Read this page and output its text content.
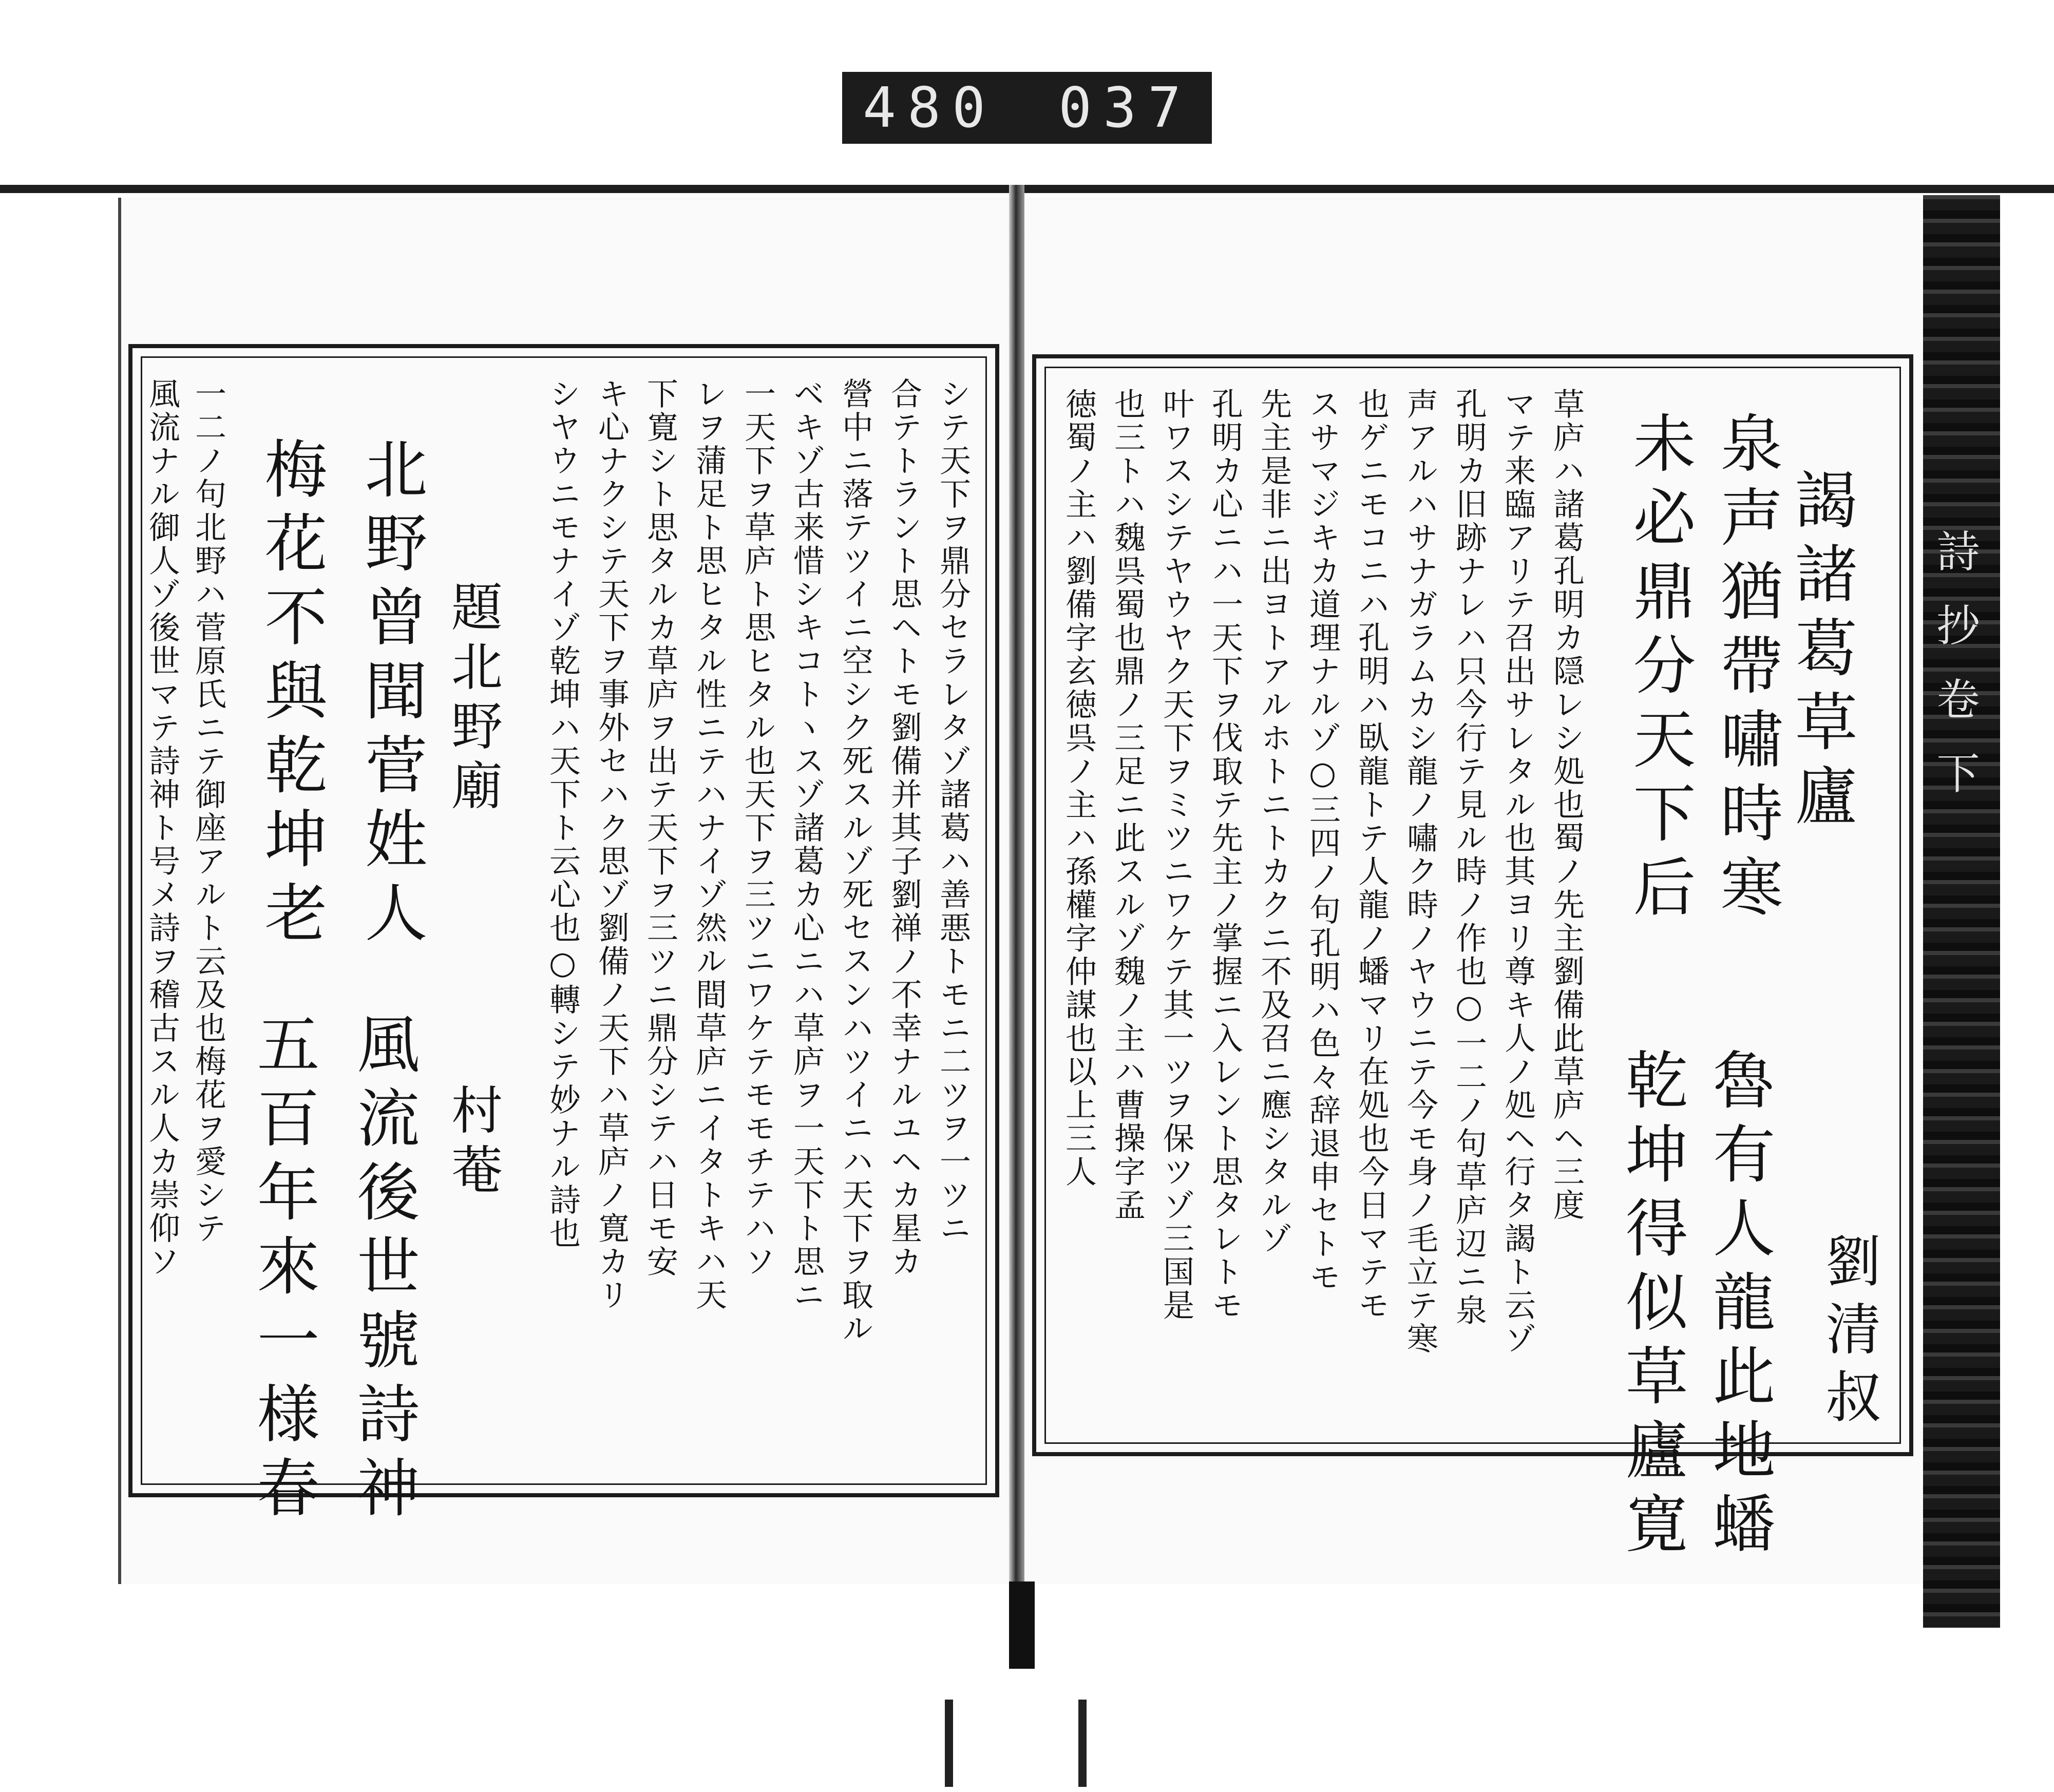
480 037
詩抄卷下
謁諸葛草廬
劉清叔
泉声猶帶嘯時寒
魯有人龍此地蟠
未必鼎分天下后
乾坤得似草廬寛
草庐ハ諸葛孔明カ隠レシ処也蜀ノ先主劉備此草庐ヘ三度
マテ来臨アリテ召出サレタル也其ヨリ尊キ人ノ処ヘ行タ謁ト云ゾ
孔明カ旧跡ナレハ只今行テ見ル時ノ作也○一二ノ句草庐辺ニ泉
声アルハサナガラムカシ龍ノ嘯ク時ノヤウニテ今モ身ノ毛立テ寒
也ゲニモコニハ孔明ハ臥龍トテ人龍ノ蟠マリ在処也今日マテモ
スサマジキカ道理ナルゾ○三四ノ句孔明ハ色々辞退申セトモ
先主是非ニ出ヨトアルホトニトカクニ不及召ニ應シタルゾ
孔明カ心ニハ一天下ヲ伐取テ先主ノ掌握ニ入レント思タレトモ
叶ワスシテヤウヤク天下ヲミツニワケテ其一ツヲ保ツゾ三国是
也三トハ魏呉蜀也鼎ノ三足ニ此スルゾ魏ノ主ハ曹操字孟
徳蜀ノ主ハ劉備字玄徳呉ノ主ハ孫權字仲謀也以上三人
シテ天下ヲ鼎分セラレタゾ諸葛ハ善悪トモニ二ツヲ一ツニ
合テトラント思ヘトモ劉備并其子劉禅ノ不幸ナルユヘカ星カ
營中ニ落テツイニ空シク死スルゾ死セスンハツイニハ天下ヲ取ル
ベキゾ古来惜シキコトヽスゾ諸葛カ心ニハ草庐ヲ一天下ト思ニ
一天下ヲ草庐ト思ヒタル也天下ヲ三ツニワケテモモチテハソ
レヲ蒲足ト思ヒタル性ニテハナイゾ然ル間草庐ニイタトキハ天
下寛シト思タルカ草庐ヲ出テ天下ヲ三ツニ鼎分シテハ日モ安
キ心ナクシテ天下ヲ事外セハク思ゾ劉備ノ天下ハ草庐ノ寛カリ
シヤウニモナイゾ乾坤ハ天下ト云心也○轉シテ妙ナル詩也
題北野廟
村菴
北野曾聞菅姓人
梅花不與乾坤老
風流後世號詩神
五百年來一様春
一二ノ句北野ハ菅原氏ニテ御座アルト云及也梅花ヲ愛シテ
風流ナル御人ゾ後世マテ詩神ト号メ詩ヲ稽古スル人カ崇仰ソ
